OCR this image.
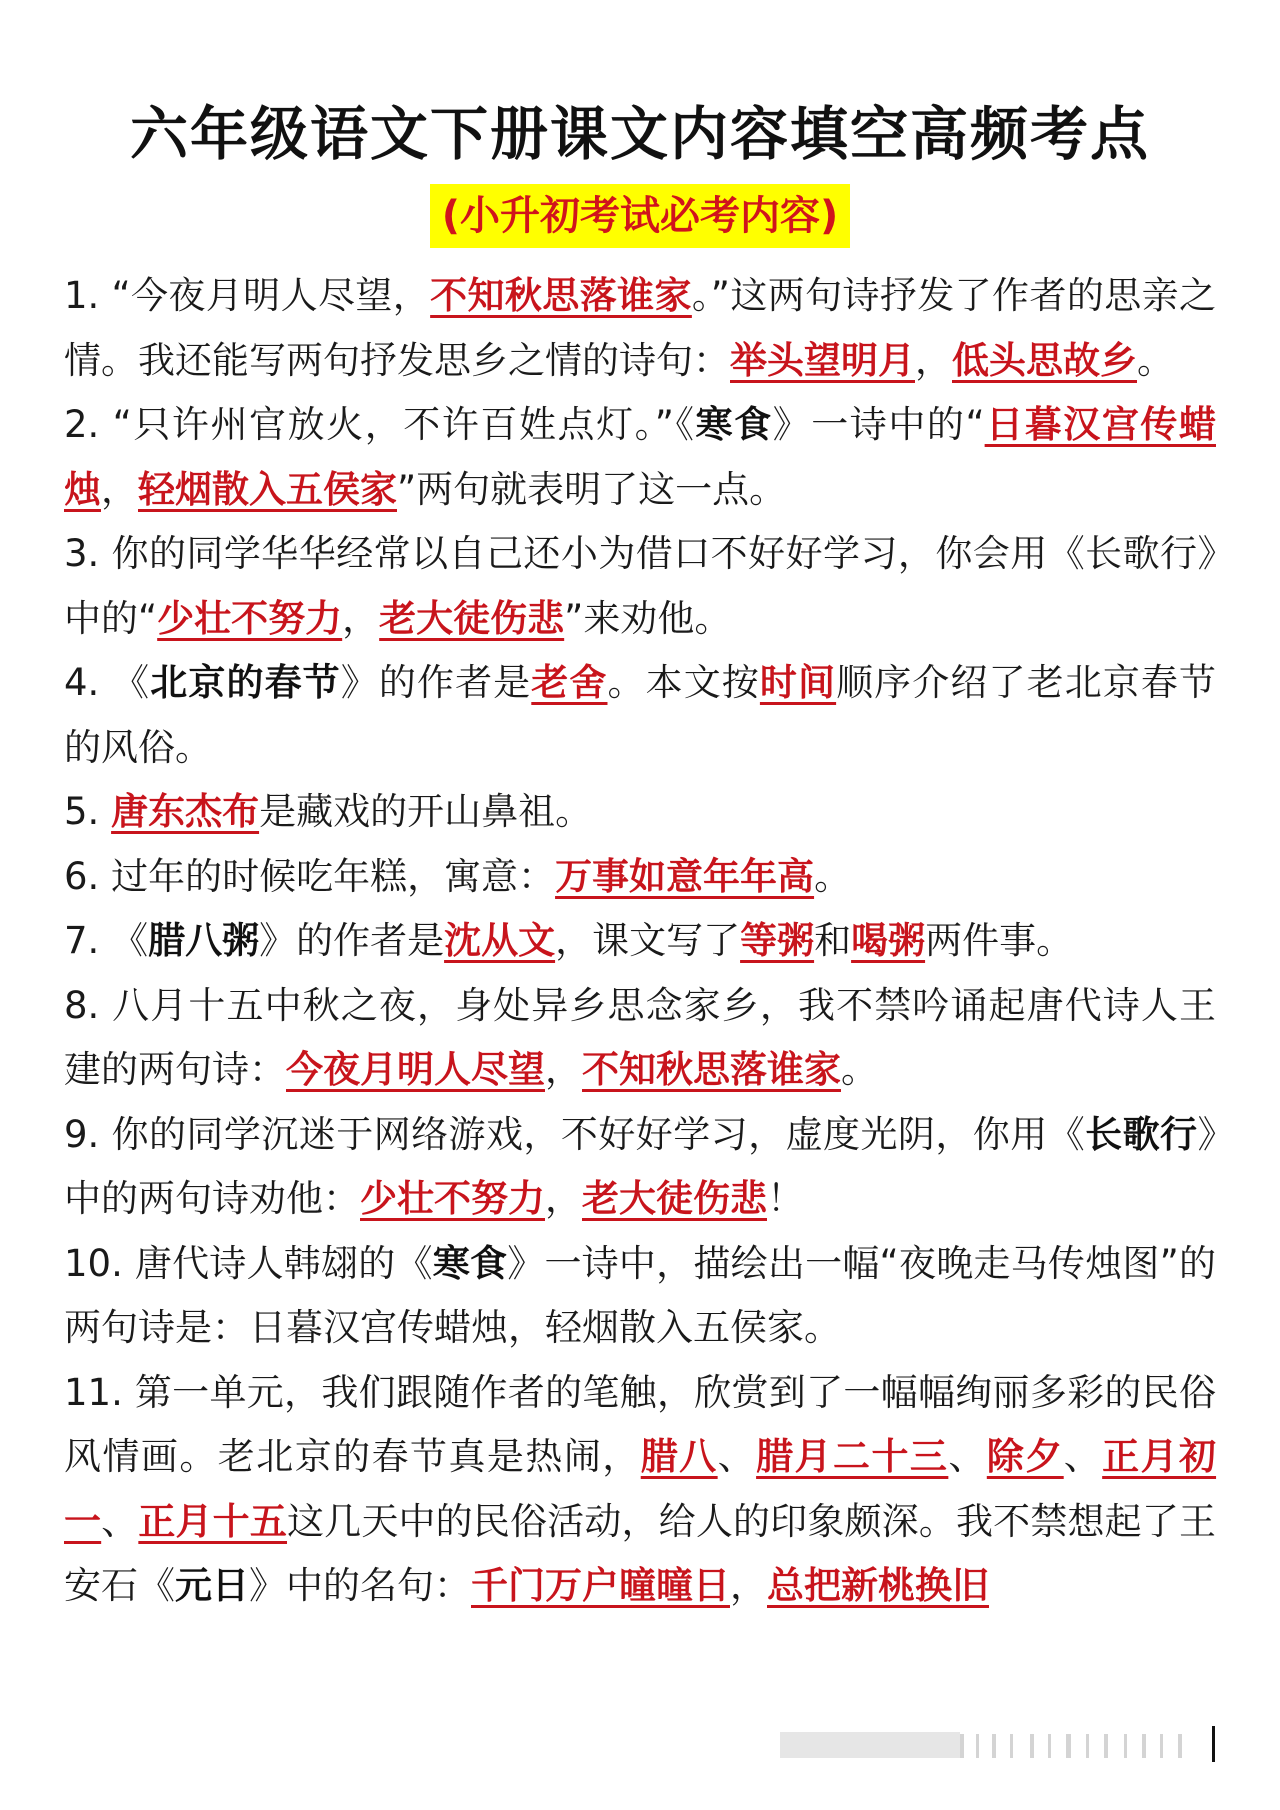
六年级语文下册课文内容填空高频考点
(小升初考试必考内容)
1. “今夜月明人尽望，不知秋思落谁家。”这两句诗抒发了作者的思亲之情。我还能写两句抒发思乡之情的诗句：举头望明月，低头思故乡。
2. “只许州官放火，不许百姓点灯。”《寒食》一诗中的“日暮汉宫传蜡烛，轻烟散入五侯家”两句就表明了这一点。
3. 你的同学华华经常以自己还小为借口不好好学习，你会用《长歌行》中的“少壮不努力，老大徒伤悲”来劝他。
4. 《北京的春节》的作者是老舍。本文按时间顺序介绍了老北京春节的风俗。
5. 唐东杰布是藏戏的开山鼻祖。
6. 过年的时候吃年糕，寓意：万事如意年年高。
7. 《腊八粥》的作者是沈从文，课文写了等粥和喝粥两件事。
8. 八月十五中秋之夜，身处异乡思念家乡，我不禁吟诵起唐代诗人王建的两句诗：今夜月明人尽望，不知秋思落谁家。
9. 你的同学沉迷于网络游戏，不好好学习，虚度光阴，你用《长歌行》中的两句诗劝他：少壮不努力，老大徒伤悲！
10. 唐代诗人韩翃的《寒食》一诗中，描绘出一幅“夜晚走马传烛图”的两句诗是：日暮汉宫传蜡烛，轻烟散入五侯家。
11. 第一单元，我们跟随作者的笔触，欣赏到了一幅幅绚丽多彩的民俗风情画。老北京的春节真是热闹，腊八、腊月二十三、除夕、正月初一、正月十五这几天中的民俗活动，给人的印象颇深。我不禁想起了王安石《元日》中的名句：千门万户曈曈日，总把新桃换旧
